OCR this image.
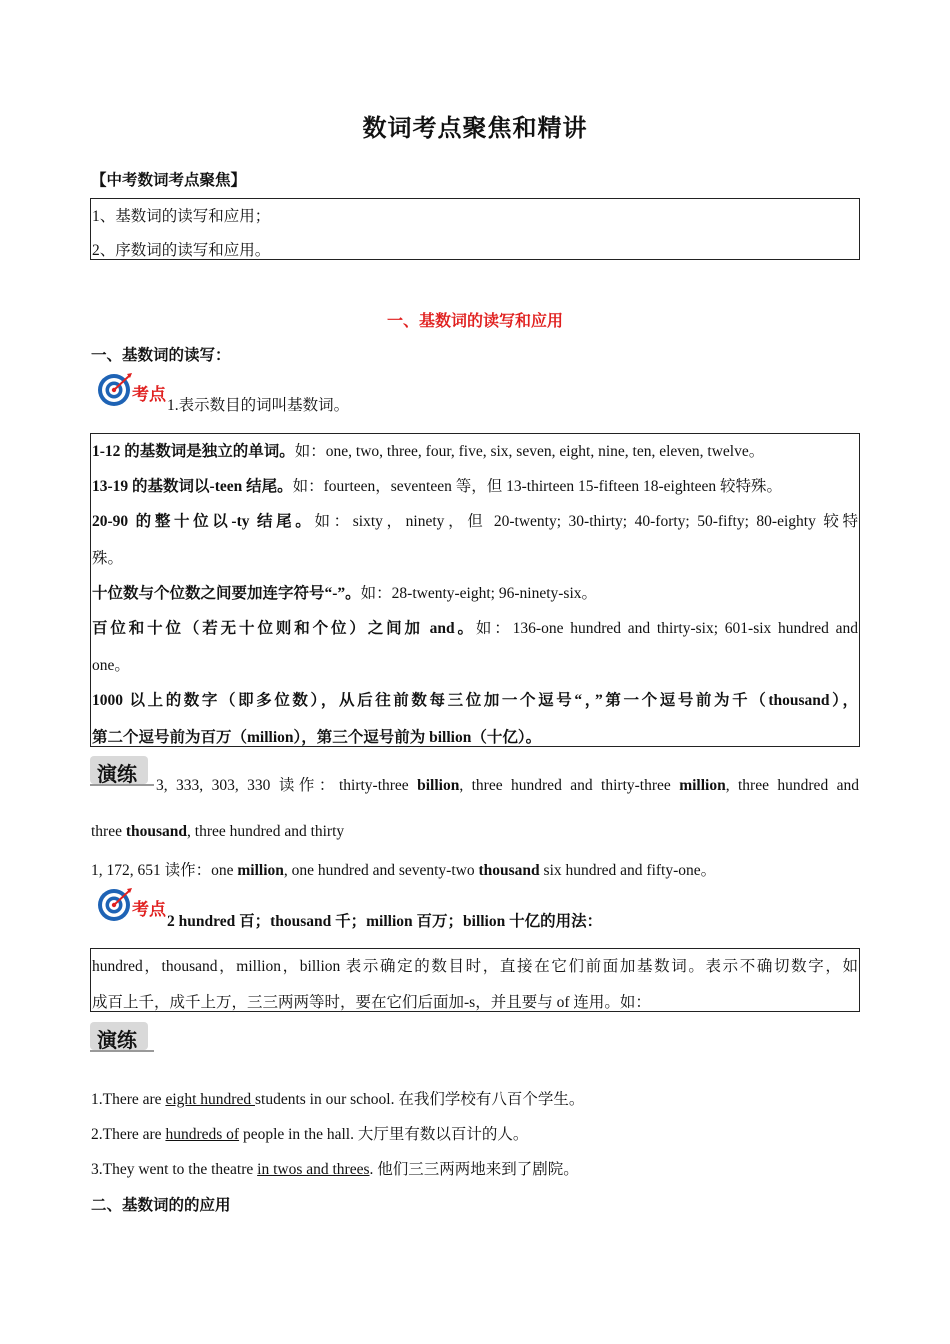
数词考点聚焦和精讲
【中考数词考点聚焦】
1、基数词的读写和应用；
2、序数词的读写和应用。
一、基数词的读写和应用
一、基数词的读写：
考点
1.表示数目的词叫基数词。
1-12 的基数词是独立的单词。如：one, two, three, four, five, six, seven, eight, nine, ten, eleven, twelve。
13-19 的基数词以-teen 结尾。如：fourteen，seventeen 等，但 13-thirteen 15-fifteen 18-eighteen 较特殊。
20-90 的整十位以-ty 结尾。如：sixty，ninety，但 20-twenty; 30-thirty; 40-forty; 50-fifty; 80-eighty 较特
殊。
十位数与个位数之间要加连字符号“-”。如：28-twenty-eight; 96-ninety-six。
百位和十位（若无十位则和个位）之间加 and。如：136-one hundred and thirty-six; 601-six hundred and
one。
1000 以上的数字（即多位数），从后往前数每三位加一个逗号“，”第一个逗号前为千（thousand），
第二个逗号前为百万（million），第三个逗号前为 billion（十亿）。
演练 3, 333, 303, 330 读作：thirty-three billion, three hundred and thirty-three million, three hundred and
three thousand, three hundred and thirty
1, 172, 651 读作：one million, one hundred and seventy-two thousand six hundred and fifty-one。
考点
2 hundred 百；thousand 千；million 百万；billion 十亿的用法：
hundred，thousand，million，billion 表示确定的数目时，直接在它们前面加基数词。表示不确切数字，如
成百上千，成千上万，三三两两等时，要在它们后面加-s，并且要与 of 连用。如：
演练
1.There are eight hundred students in our school. 在我们学校有八百个学生。
2.There are hundreds of people in the hall. 大厅里有数以百计的人。
3.They went to the theatre in twos and threes. 他们三三两两地来到了剧院。
二、基数词的的应用
